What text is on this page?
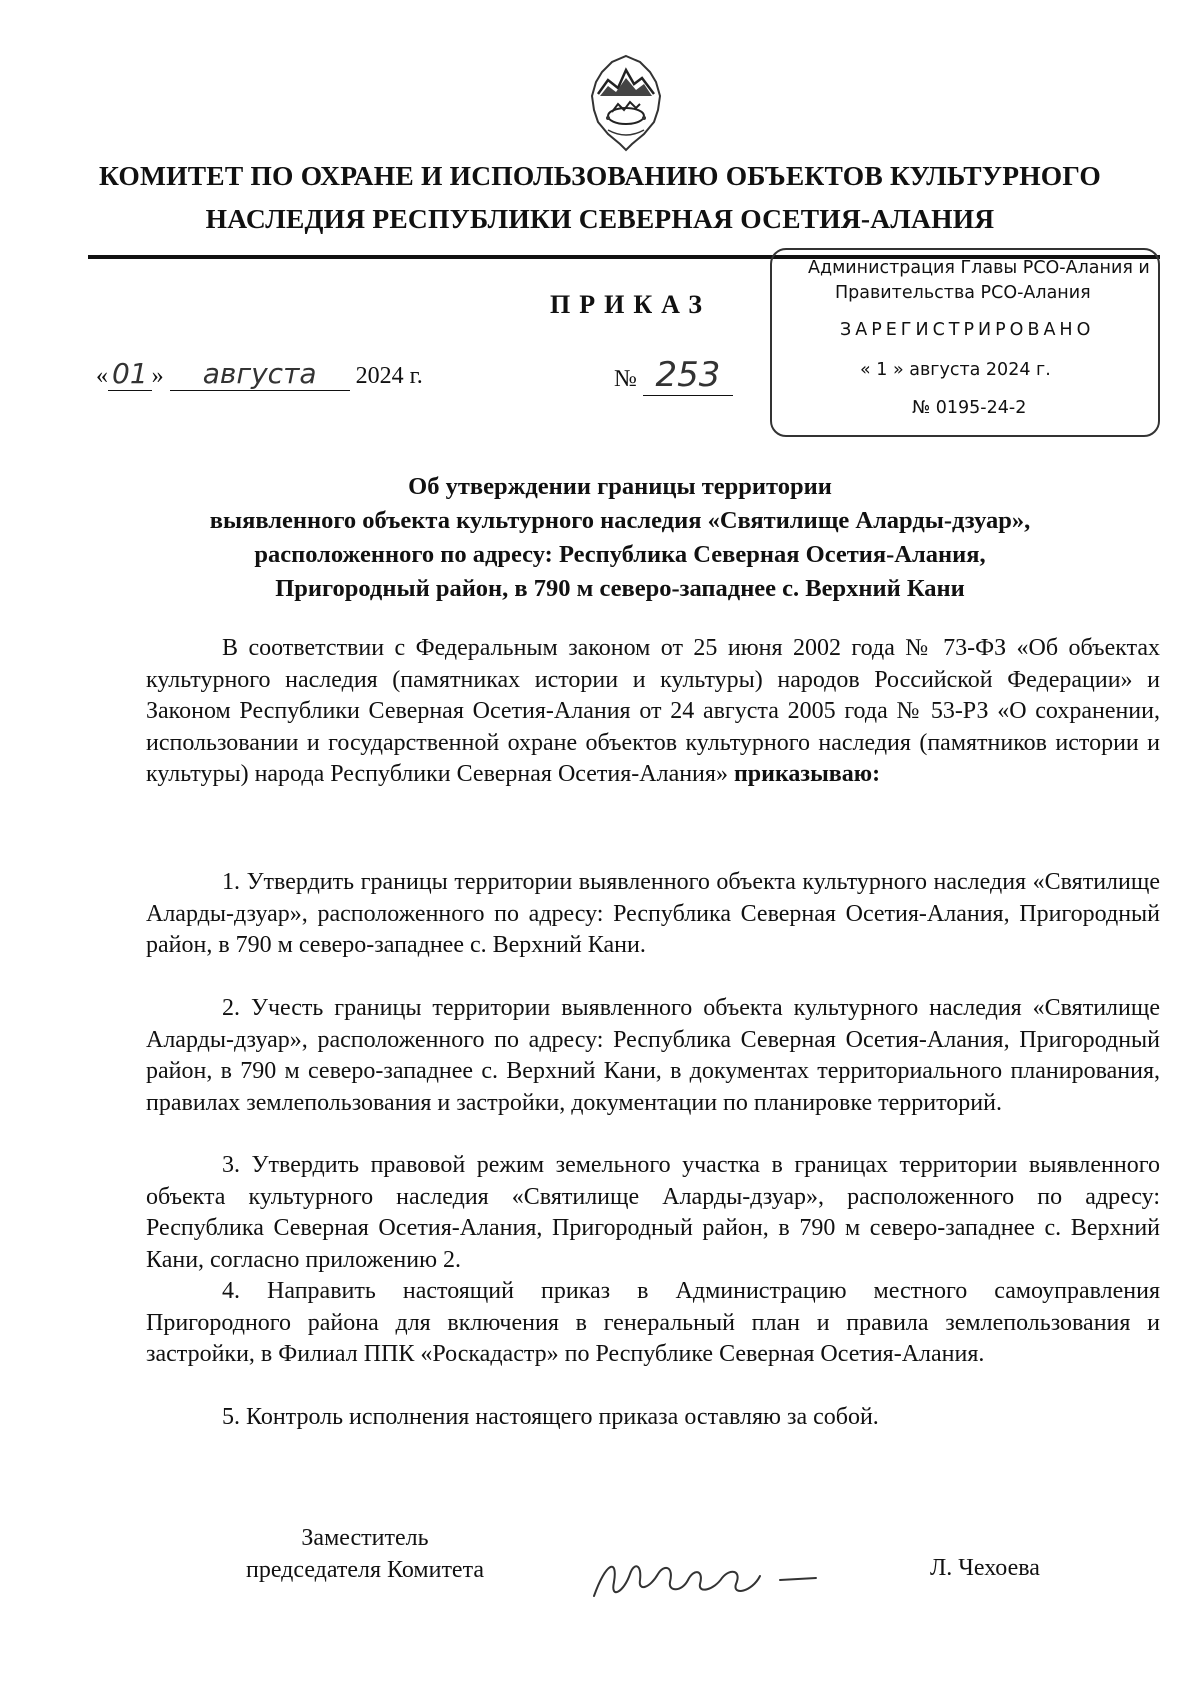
КОМИТЕТ ПО ОХРАНЕ И ИСПОЛЬЗОВАНИЮ ОБЪЕКТОВ КУЛЬТУРНОГО
НАСЛЕДИЯ РЕСПУБЛИКИ СЕВЕРНАЯ ОСЕТИЯ-АЛАНИЯ
ПРИКАЗ
« 01 » августа 2024 г.	№ 253
Администрация Главы РСО-Алания и
Правительства РСО-Алания
ЗАРЕГИСТРИРОВАНО
« 1 » августа 2024 г.
№ 0195-24-2
Об утверждении границы территории
выявленного объекта культурного наследия «Святилище Аларды-дзуар»,
расположенного по адресу: Республика Северная Осетия-Алания,
Пригородный район, в 790 м северо-западнее с. Верхний Кани
В соответствии с Федеральным законом от 25 июня 2002 года № 73-ФЗ «Об объектах культурного наследия (памятниках истории и культуры) народов Российской Федерации» и Законом Республики Северная Осетия-Алания от 24 августа 2005 года № 53-РЗ «О сохранении, использовании и государственной охране объектов культурного наследия (памятников истории и культуры) народа Республики Северная Осетия-Алания» приказываю:
1. Утвердить границы территории выявленного объекта культурного наследия «Святилище Аларды-дзуар», расположенного по адресу: Республика Северная Осетия-Алания, Пригородный район, в 790 м северо-западнее с. Верхний Кани.
2. Учесть границы территории выявленного объекта культурного наследия «Святилище Аларды-дзуар», расположенного по адресу: Республика Северная Осетия-Алания, Пригородный район, в 790 м северо-западнее с. Верхний Кани, в документах территориального планирования, правилах землепользования и застройки, документации по планировке территорий.
3. Утвердить правовой режим земельного участка в границах территории выявленного объекта культурного наследия «Святилище Аларды-дзуар», расположенного по адресу: Республика Северная Осетия-Алания, Пригородный район, в 790 м северо-западнее с. Верхний Кани, согласно приложению 2.
4. Направить настоящий приказ в Администрацию местного самоуправления Пригородного района для включения в генеральный план и правила землепользования и застройки, в Филиал ППК «Роскадастр» по Республике Северная Осетия-Алания.
5. Контроль исполнения настоящего приказа оставляю за собой.
Заместитель
председателя Комитета	Л. Чехоева
